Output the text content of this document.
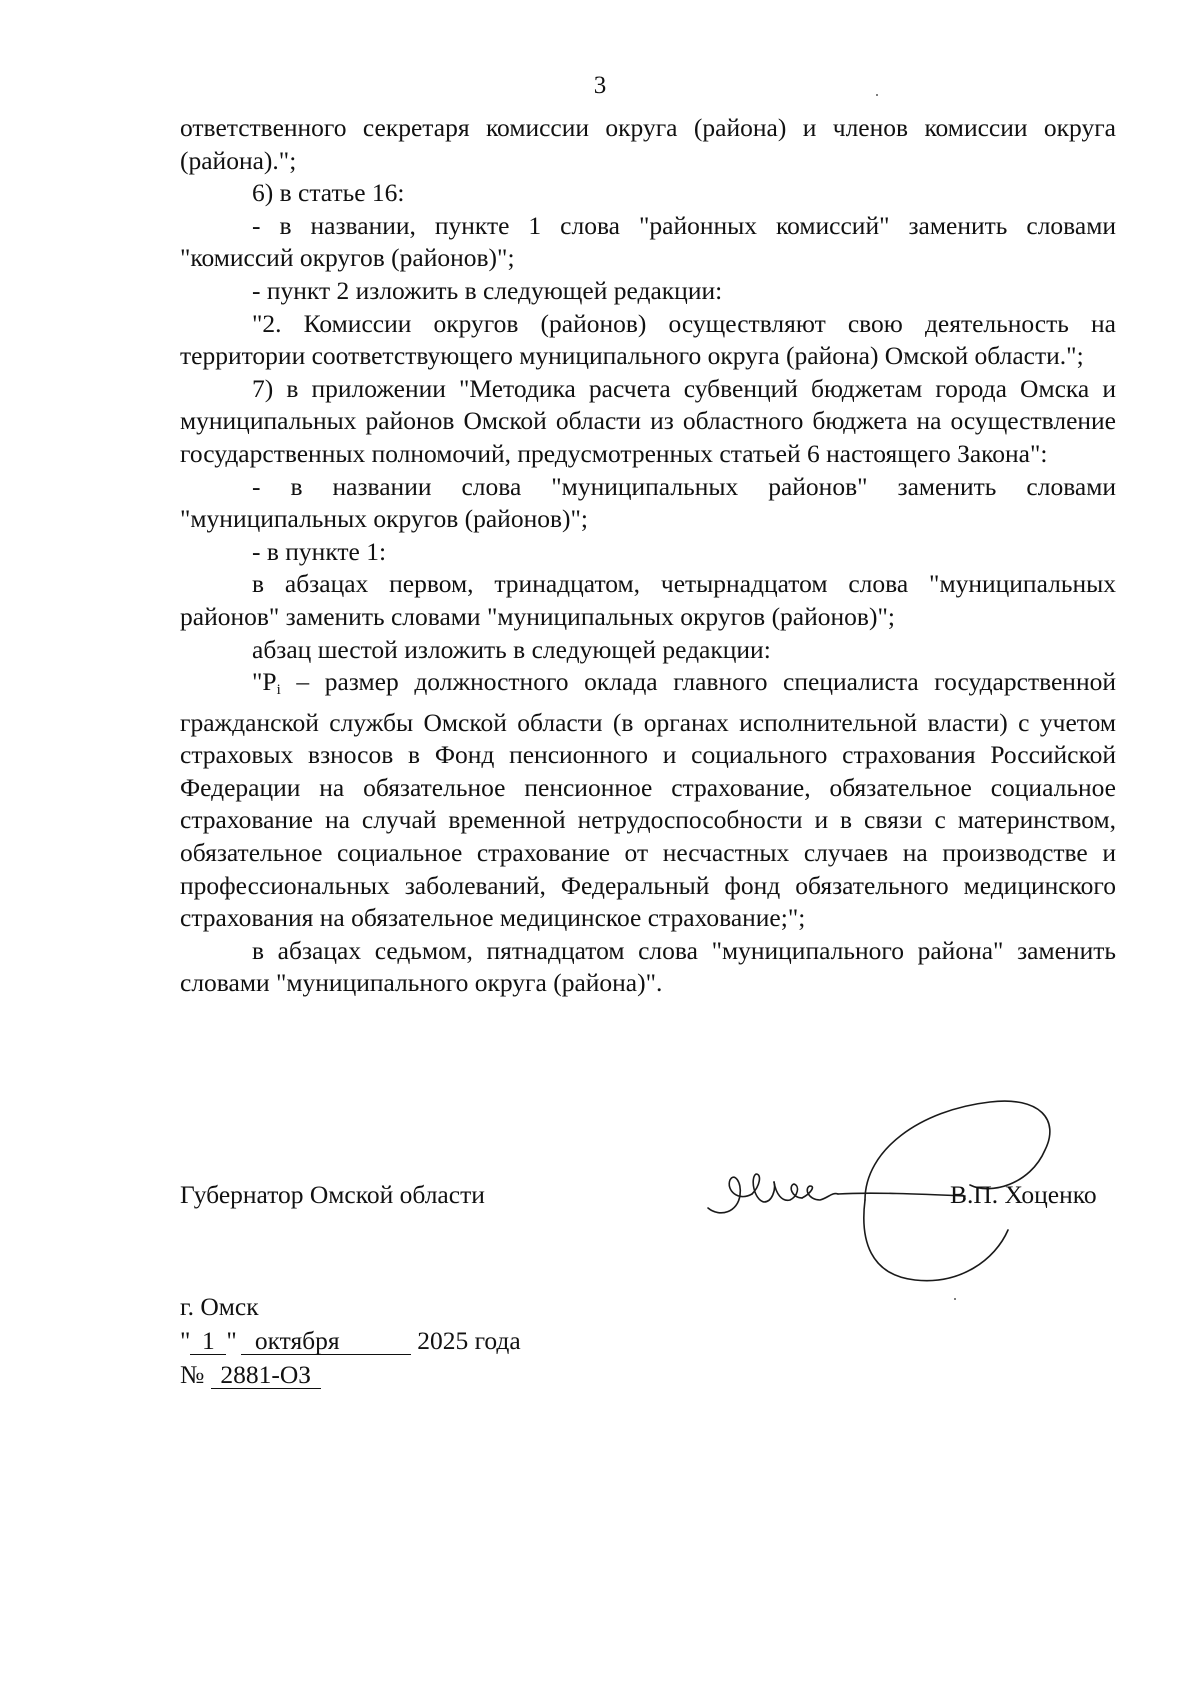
3

ответственного секретаря комиссии округа (района) и членов комиссии округа (района).";

6) в статье 16:

- в названии, пункте 1 слова "районных комиссий" заменить словами "комиссий округов (районов)";

- пункт 2 изложить в следующей редакции:

"2. Комиссии округов (районов) осуществляют свою деятельность на территории соответствующего муниципального округа (района) Омской области.";

7) в приложении "Методика расчета субвенций бюджетам города Омска и муниципальных районов Омской области из областного бюджета на осуществление государственных полномочий, предусмотренных статьей 6 настоящего Закона":

- в названии слова "муниципальных районов" заменить словами "муниципальных округов (районов)";

- в пункте 1:

в абзацах первом, тринадцатом, четырнадцатом слова "муниципальных районов" заменить словами "муниципальных округов (районов)";

абзац шестой изложить в следующей редакции:

"Pi – размер должностного оклада главного специалиста государственной гражданской службы Омской области (в органах исполнительной власти) с учетом страховых взносов в Фонд пенсионного и социального страхования Российской Федерации на обязательное пенсионное страхование, обязательное социальное страхование на случай временной нетрудоспособности и в связи с материнством, обязательное социальное страхование от несчастных случаев на производстве и профессиональных заболеваний, Федеральный фонд обязательного медицинского страхования на обязательное медицинское страхование;";

в абзацах седьмом, пятнадцатом слова "муниципального района" заменить словами "муниципального округа (района)".

Губернатор Омской области	В.П. Хоценко
г. Омск
" 1 " октября	2025 года
№ 2881-ОЗ
